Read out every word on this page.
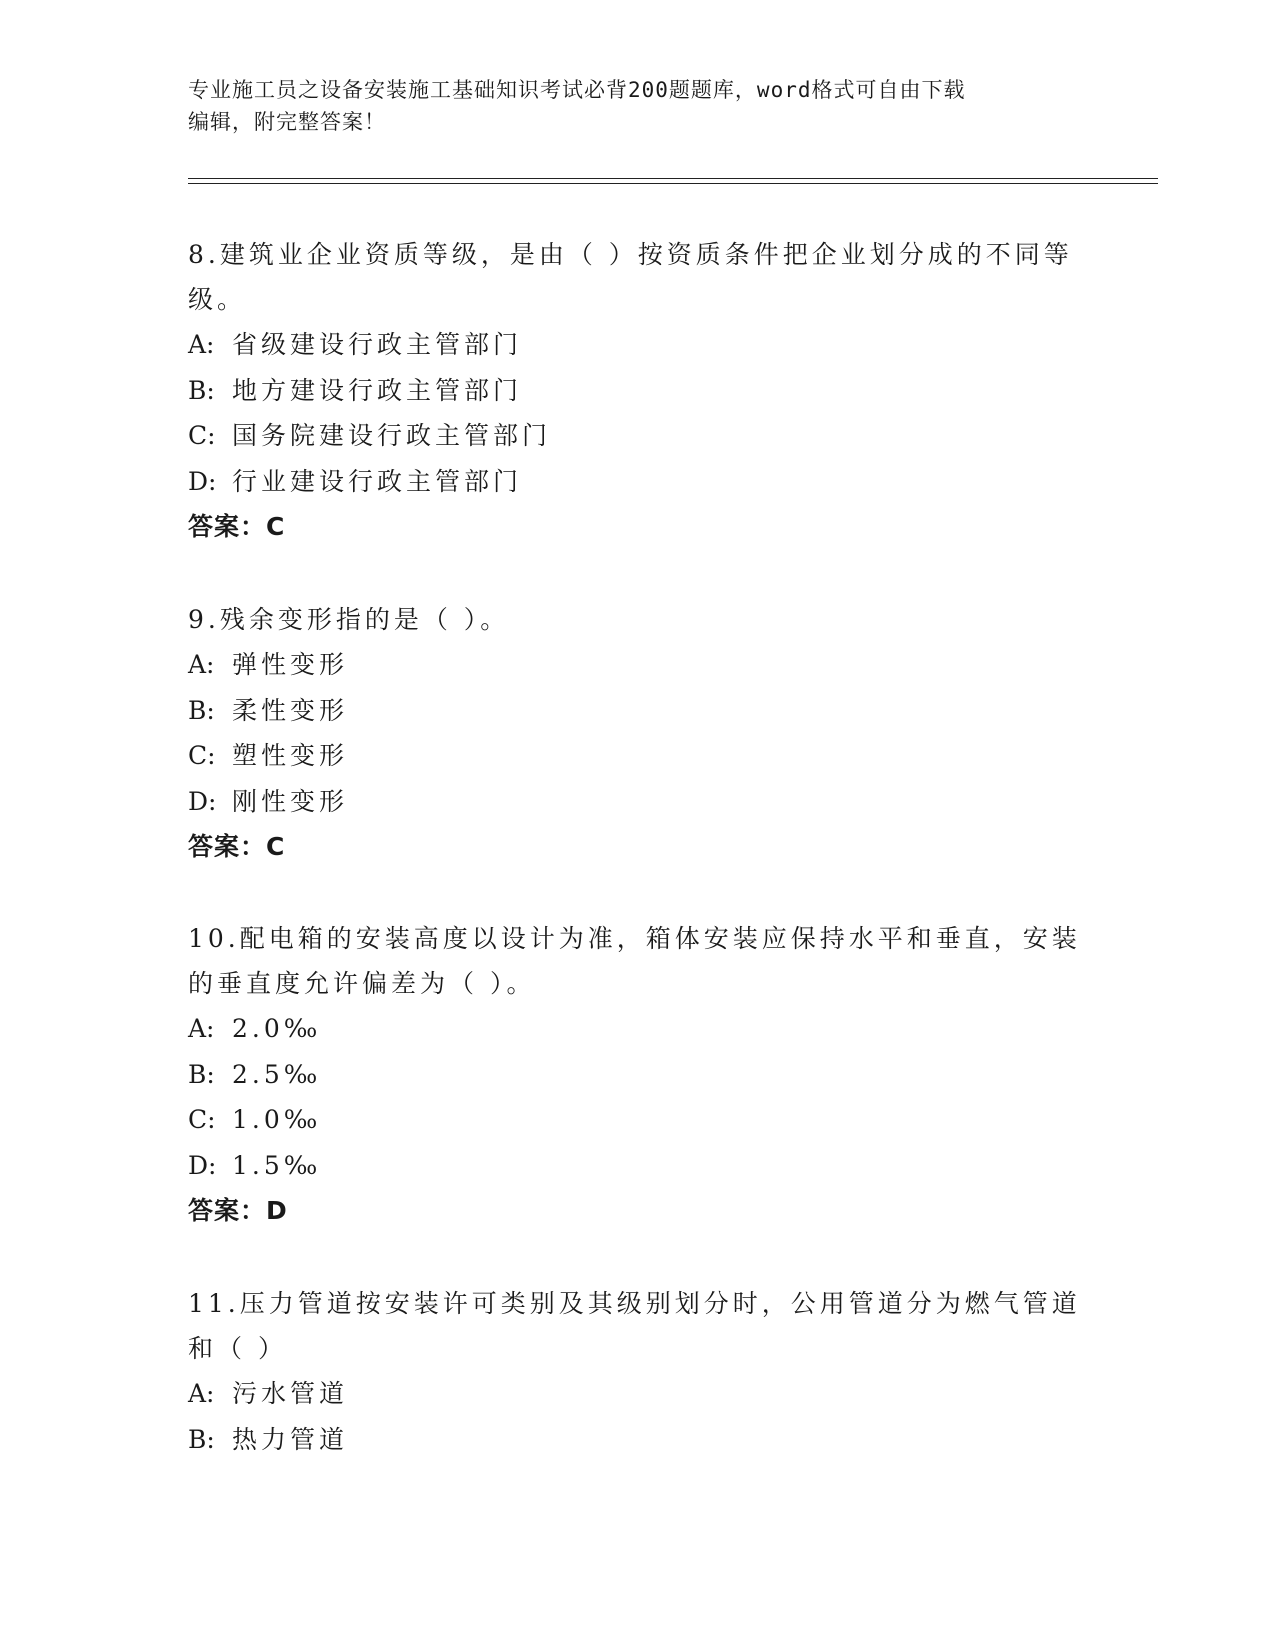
专业施工员之设备安装施工基础知识考试必背200题题库，word格式可自由下载
编辑，附完整答案！
8.建筑业企业资质等级，是由（ ）按资质条件把企业划分成的不同等
级。
A: 省级建设行政主管部门
B: 地方建设行政主管部门
C: 国务院建设行政主管部门
D: 行业建设行政主管部门
答案：C
9.残余变形指的是（ ）。
A: 弹性变形
B: 柔性变形
C: 塑性变形
D: 刚性变形
答案：C
10.配电箱的安装高度以设计为准，箱体安装应保持水平和垂直，安装
的垂直度允许偏差为（ ）。
A: 2.0‰
B: 2.5‰
C: 1.0‰
D: 1.5‰
答案：D
11.压力管道按安装许可类别及其级别划分时，公用管道分为燃气管道
和（ ）
A: 污水管道
B: 热力管道
